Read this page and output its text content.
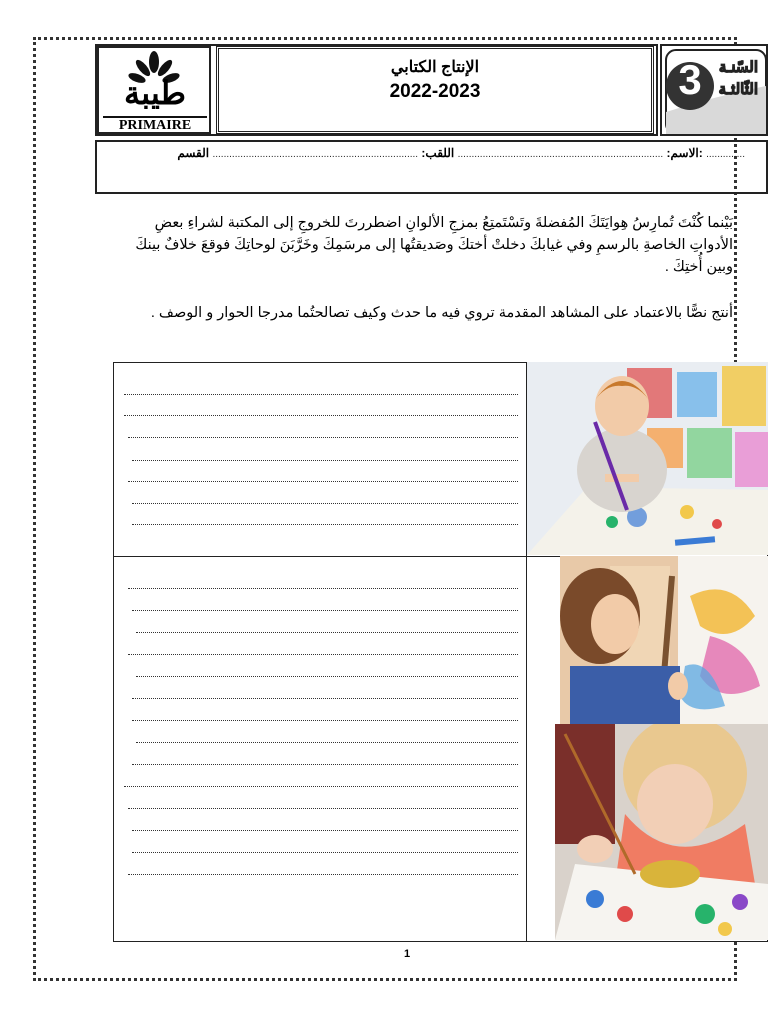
طيبة
PRIMAIRE
الإنتاج الكتابي
2022-2023	3 السّنـة
الثّالثـة
.............. :الاسم: .......................................................................... اللقب: .......................................................................... القسم
بَيْنما كُنْتَ تُمارِسُ هِوايَتَكَ المُفضلةَ وتَسْتَمتِعُ بمزجِ الألوانِ اضطررتَ للخروجِ إلى المكتبة لشراءِ بعضِ الأدواتِ الخاصةِ بالرسمِ وفي غيابكَ دخلتْ أختكَ وصَديقتُها إلى مرسَمِكَ وخَرَّبَنَ لوحاتِكَ فوقعَ خلافٌ بينكَ وبين أُختِكَ .
أنتج نصًّا بالاعتماد على المشاهد المقدمة تروي فيه ما حدث وكيف تصالحتُما مدرجا الحوار و الوصف .
1
